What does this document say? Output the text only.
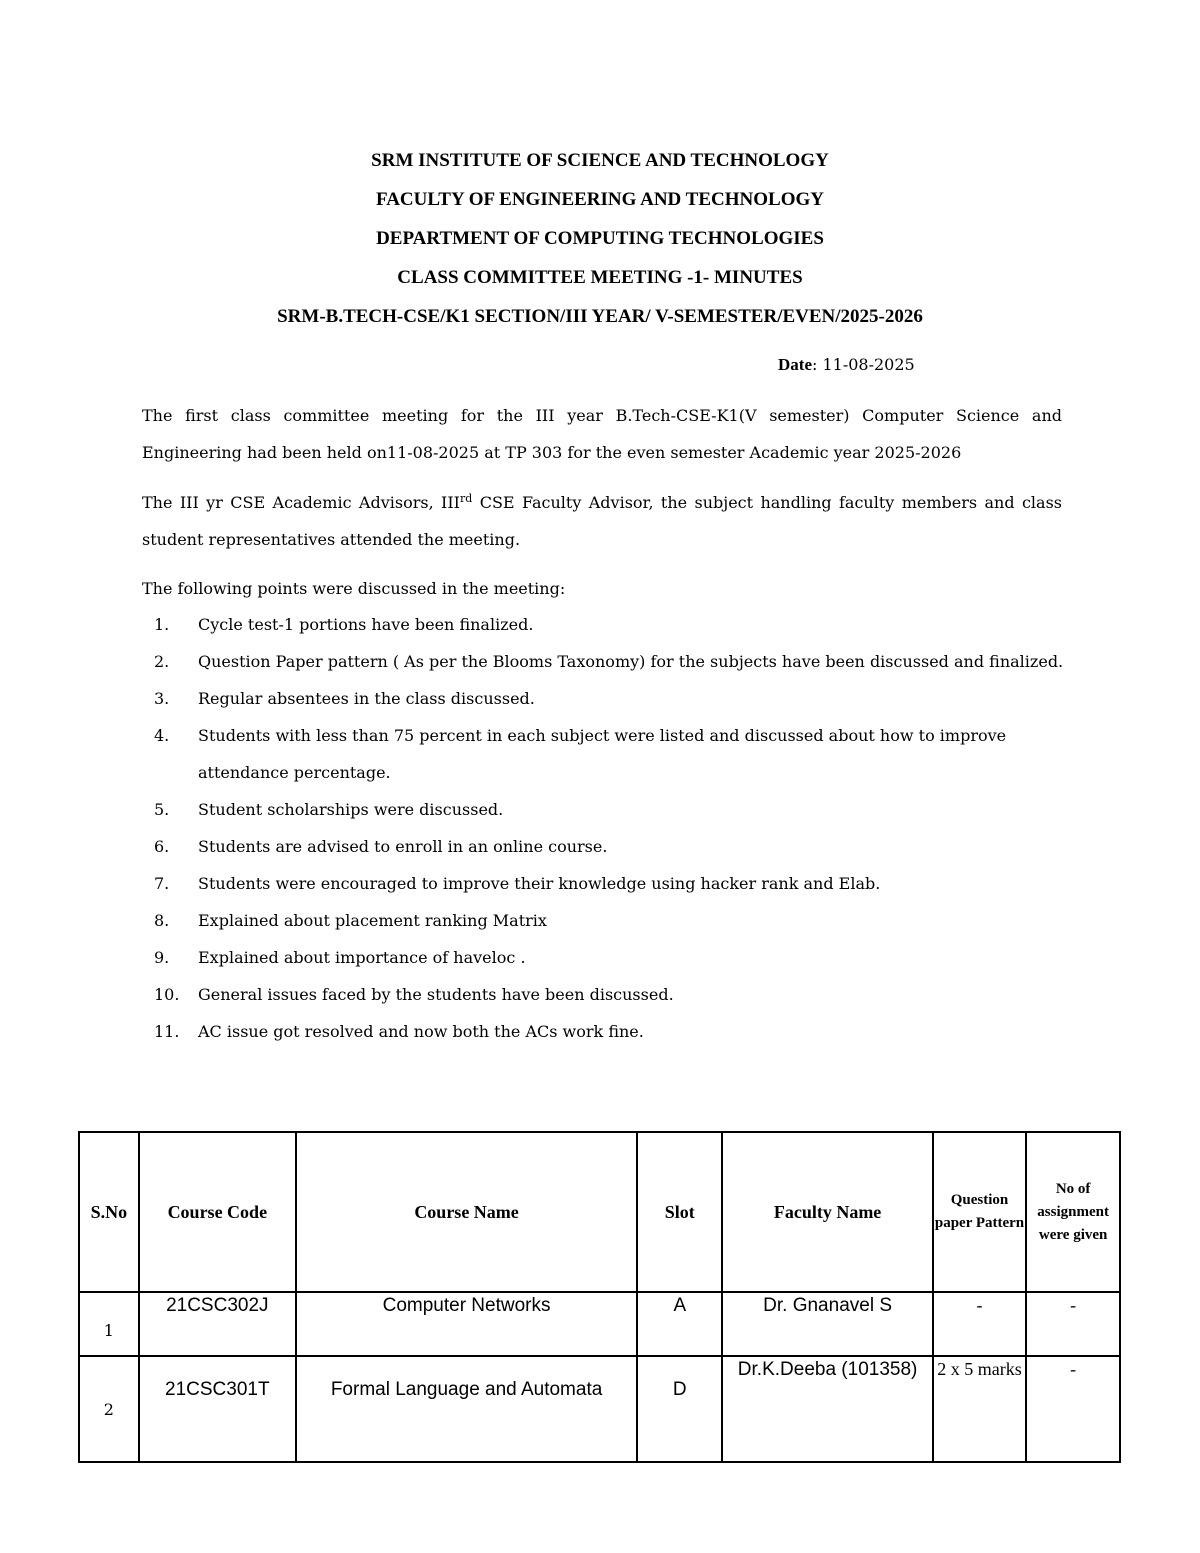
SRM INSTITUTE OF SCIENCE AND TECHNOLOGY
FACULTY OF ENGINEERING AND TECHNOLOGY
DEPARTMENT OF COMPUTING TECHNOLOGIES
CLASS COMMITTEE MEETING -1- MINUTES
SRM-B.TECH-CSE/K1 SECTION/III YEAR/ V-SEMESTER/EVEN/2025-2026
Date: 11-08-2025
The first class committee meeting for the III year B.Tech-CSE-K1(V semester) Computer Science and Engineering had been held on11-08-2025 at TP 303 for the even semester Academic year 2025-2026
The III yr CSE Academic Advisors, IIIrd CSE Faculty Advisor, the subject handling faculty members and class student representatives attended the meeting.
The following points were discussed in the meeting:
1.	Cycle test-1 portions have been finalized.
2.	Question Paper pattern ( As per the Blooms Taxonomy) for the subjects have been discussed and finalized.
3.	Regular absentees in the class discussed.
4.	Students with less than 75 percent in each subject were listed and discussed about how to improve attendance percentage.
5.	Student scholarships were discussed.
6.	Students are advised to enroll in an online course.
7.	Students were encouraged to improve their knowledge using hacker rank and Elab.
8.	Explained about placement ranking Matrix
9.	Explained about importance of haveloc .
10.	General issues faced by the students have been discussed.
11.	AC issue got resolved and now both the ACs work fine.
S.No	Course Code	Course Name	Slot	Faculty Name	Question paper Pattern	No of assignment were given
1	21CSC302J	Computer Networks	A	Dr. Gnanavel S	-	-
2	21CSC301T	Formal Language and Automata	D	Dr.K.Deeba (101358)	2 x 5 marks	-
